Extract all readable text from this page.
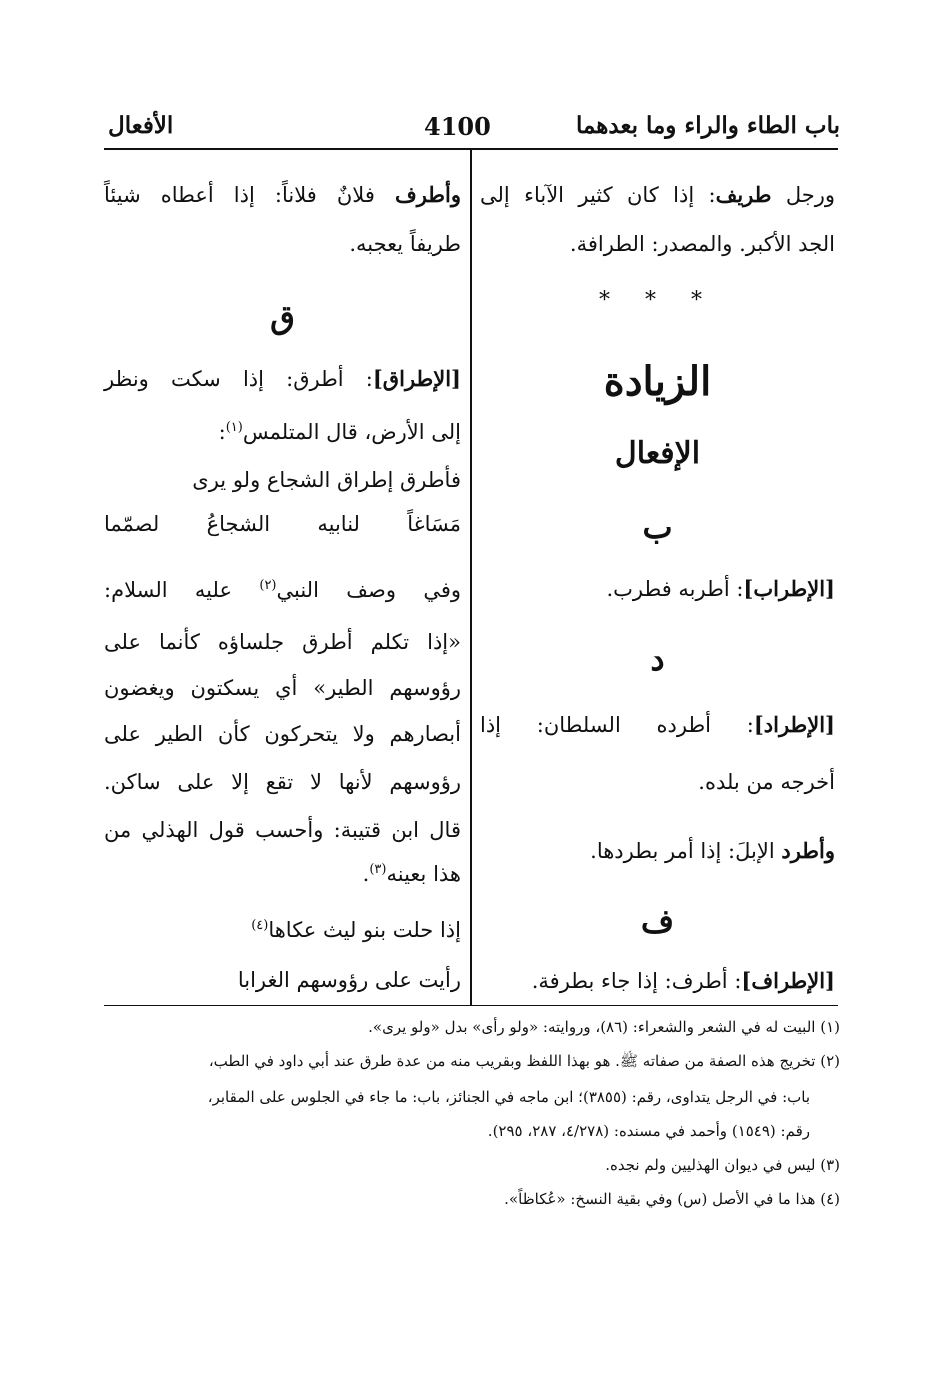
باب الطاء والراء وما بعدهما
4100
الأفعال
ورجل طريف: إذا كان كثير الآباء إلى
الجد الأكبر. والمصدر: الطرافة.
* * *
الزيادة
الإفعال
ب
[الإطراب]: أطربه فطرب.
د
[الإطراد]: أطرده السلطان: إذا
أخرجه من بلده.
وأطرد الإبلَ: إذا أمر بطردها.
ف
[الإطراف]: أطرف: إذا جاء بطرفة.
وأطرف فلانٌ فلاناً: إذا أعطاه شيئاً
طريفاً يعجبه.
ق
[الإطراق]: أطرق: إذا سكت ونظر
إلى الأرض، قال المتلمس$^{(١)}$:
فأطرق إطراق الشجاع ولو يرى
مَسَاغاً لنابيه الشجاعُ لصمّما
وفي وصف النبي$^{(٢)}$ عليه السلام:
«إذا تكلم أطرق جلساؤه كأنما على
رؤوسهم الطير» أي يسكتون ويغضون
أبصارهم ولا يتحركون كأن الطير على
رؤوسهم لأنها لا تقع إلا على ساكن.
قال ابن قتيبة: وأحسب قول الهذلي من
هذا بعينه$^{(٣)}$.
إذا حلت بنو ليث عكاها$^{(٤)}$
رأيت على رؤوسهم الغرابا
(١) البيت له في الشعر والشعراء: (٨٦)، وروايته: «ولو رأى» بدل «ولو يرى».
(٢) تخريج هذه الصفة من صفاته ﷺ. هو بهذا اللفظ وبقريب منه من عدة طرق عند أبي داود في الطب،
باب: في الرجل يتداوى، رقم: (٣٨٥٥)؛ ابن ماجه في الجنائز، باب: ما جاء في الجلوس على المقابر،
رقم: (١٥٤٩) وأحمد في مسنده: (٤/٢٧٨، ٢٨٧، ٢٩٥).
(٣) ليس في ديوان الهذليين ولم نجده.
(٤) هذا ما في الأصل (س) وفي بقية النسخ: «عُكاظاً».
